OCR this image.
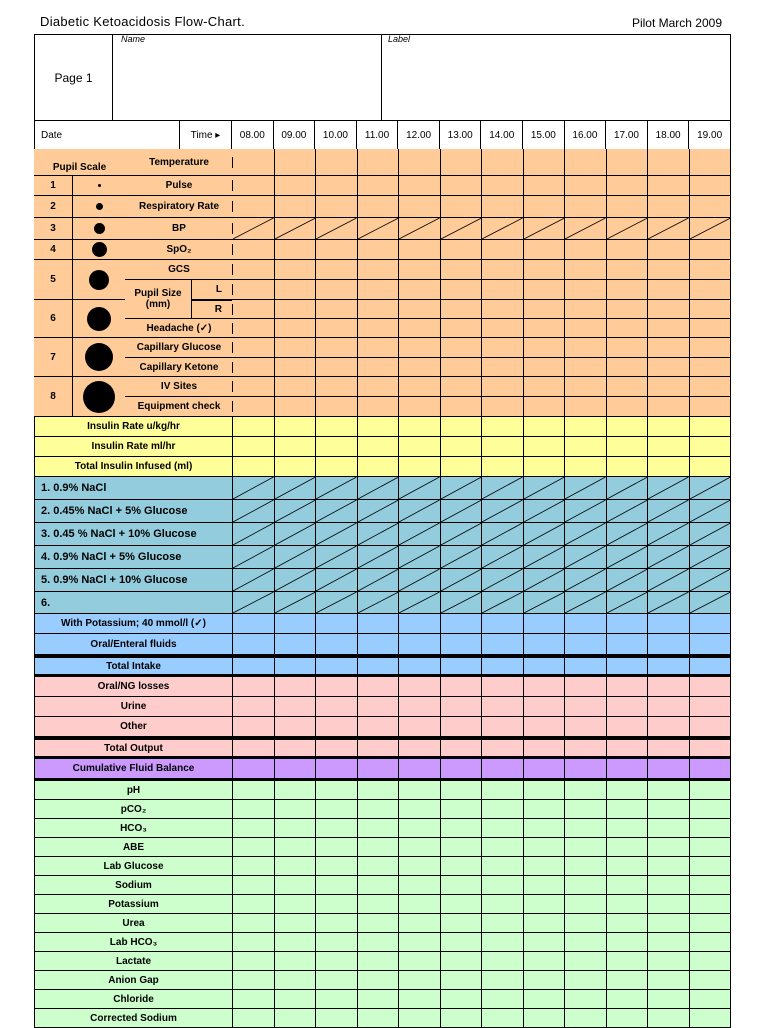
Diabetic Ketoacidosis Flow-Chart.	Pilot March 2009
Page 1
Name	Label
Date	Time ▸	08.00	09.00	10.00	11.00	12.00	13.00	14.00	15.00	16.00	17.00	18.00	19.00
Temperature
Pulse
Respiratory Rate
BP
SpO₂
GCS
L
R
Headache (✓)
Capillary Glucose
Capillary Ketone
IV Sites
Equipment check
Pupil Scale
1
2
3
4
5
6
7
8
Pupil Size
(mm)
Insulin Rate u/kg/hr
Insulin Rate ml/hr
Total Insulin Infused (ml)
1. 0.9% NaCl
2. 0.45% NaCl + 5% Glucose
3. 0.45 % NaCl + 10% Glucose
4. 0.9% NaCl + 5% Glucose
5. 0.9% NaCl + 10% Glucose
6.
With Potassium; 40 mmol/l (✓)
Oral/Enteral fluids
Total Intake
Oral/NG losses
Urine
Other
Total Output
Cumulative Fluid Balance
pH
pCO₂
HCO₃
ABE
Lab Glucose
Sodium
Potassium
Urea
Lab HCO₃
Lactate
Anion Gap
Chloride
Corrected Sodium
